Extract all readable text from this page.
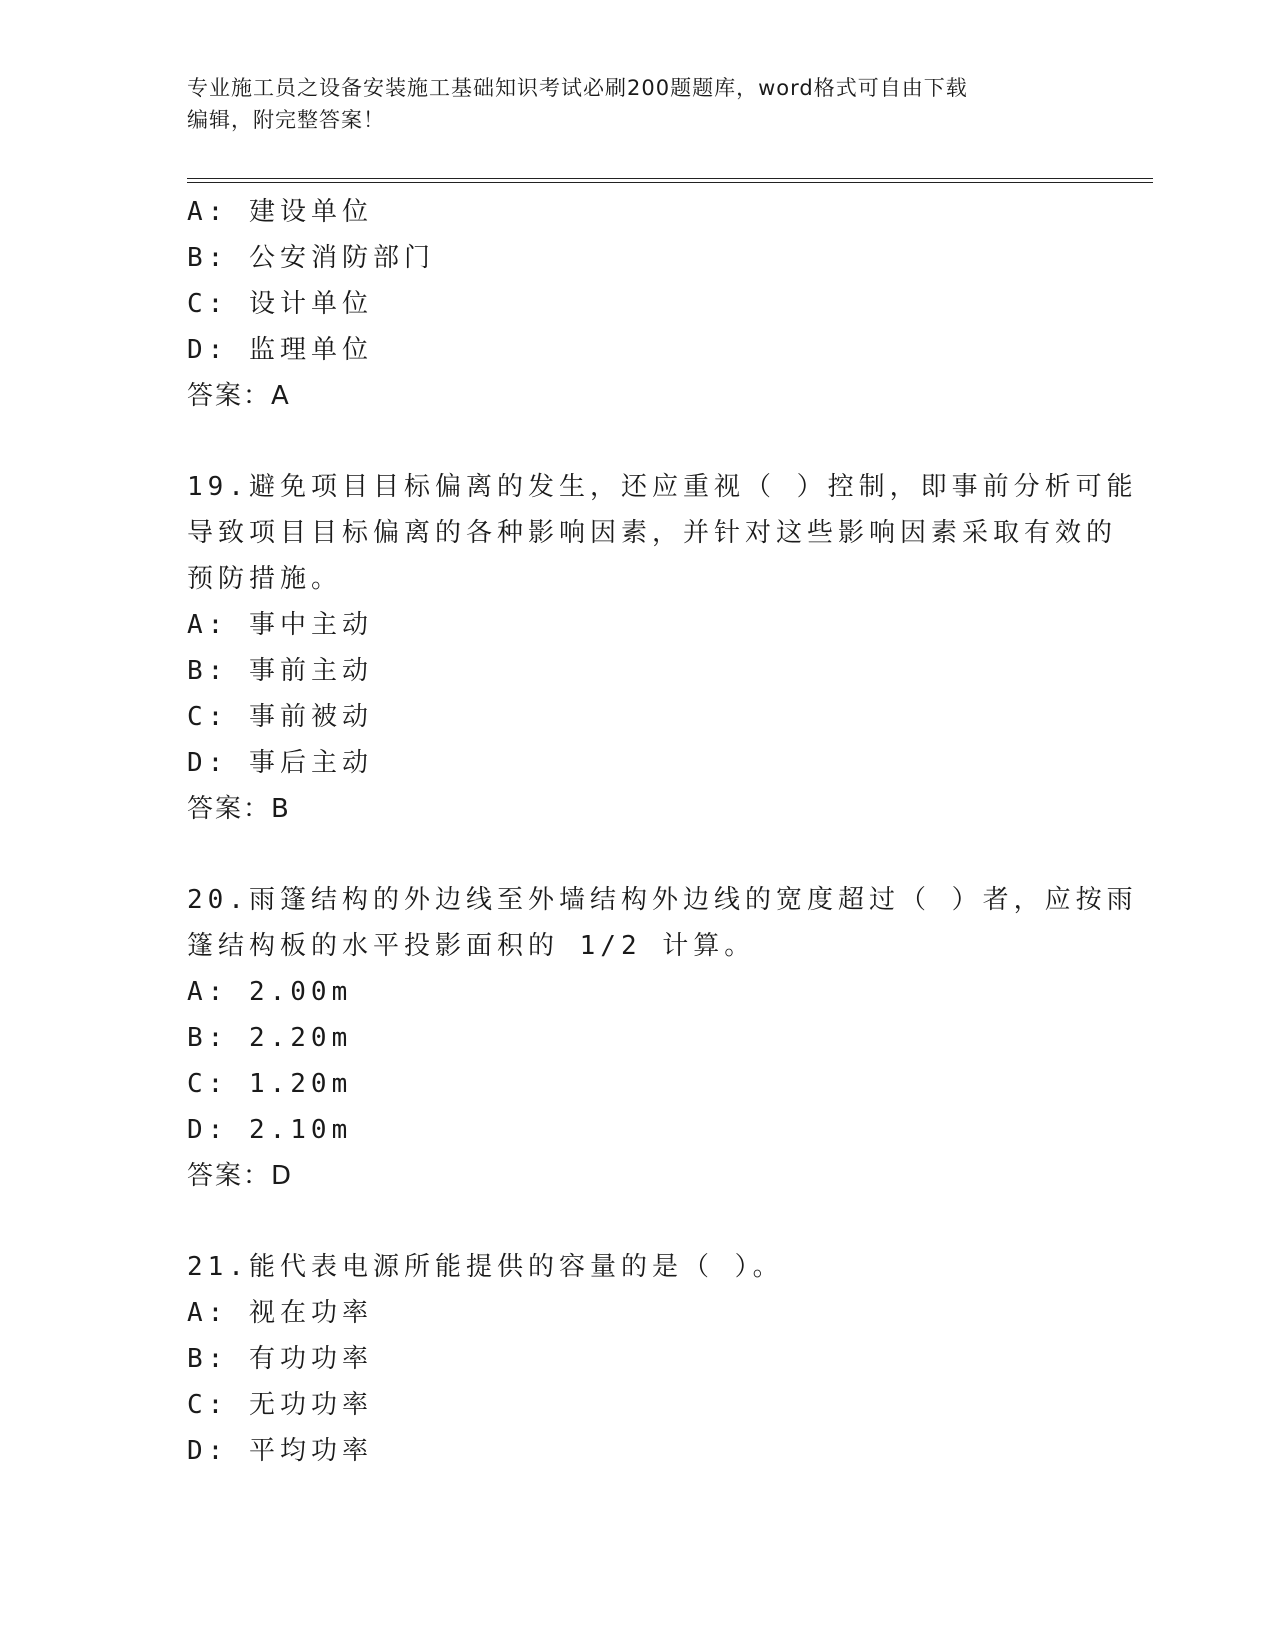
专业施工员之设备安装施工基础知识考试必刷200题题库，word格式可自由下载
编辑，附完整答案！
A: 建设单位
B: 公安消防部门
C: 设计单位
D: 监理单位
答案：A
19.避免项目目标偏离的发生，还应重视（ ）控制，即事前分析可能
导致项目目标偏离的各种影响因素，并针对这些影响因素采取有效的
预防措施。
A: 事中主动
B: 事前主动
C: 事前被动
D: 事后主动
答案：B
20.雨篷结构的外边线至外墙结构外边线的宽度超过（ ）者，应按雨
篷结构板的水平投影面积的 1/2 计算。
A: 2.00m
B: 2.20m
C: 1.20m
D: 2.10m
答案：D
21.能代表电源所能提供的容量的是（ ）。
A: 视在功率
B: 有功功率
C: 无功功率
D: 平均功率
